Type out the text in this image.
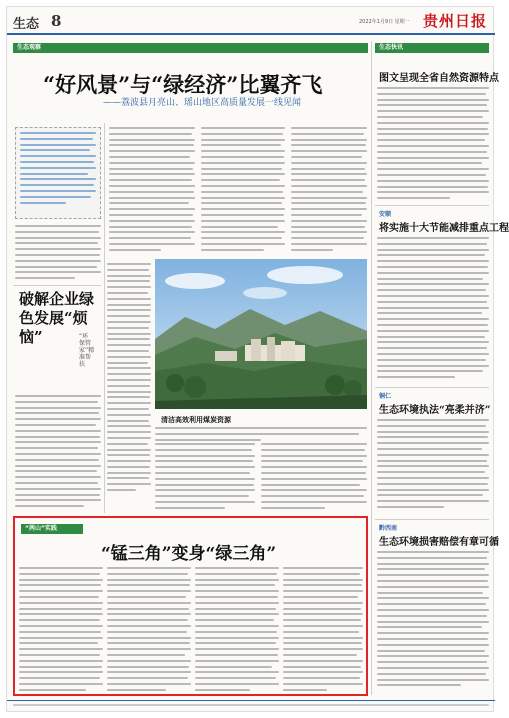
生态 8	2022年1月9日 星期一 贵州日报
生态观察	生态快讯
“好风景”与“绿经济”比翼齐飞
——荔波县月亮山、瑶山地区高质量发展一线见闻
破解企业绿色发展“烦恼”	“环保管家”精准帮扶
清洁高效利用煤炭资源
图文呈现全省自然资源特点
安顺
将实施十大节能减排重点工程
铜仁
生态环境执法“亮柔并济”
黔西南
生态环境损害赔偿有章可循
“两山”实践
“锰三角”变身“绿三角”
